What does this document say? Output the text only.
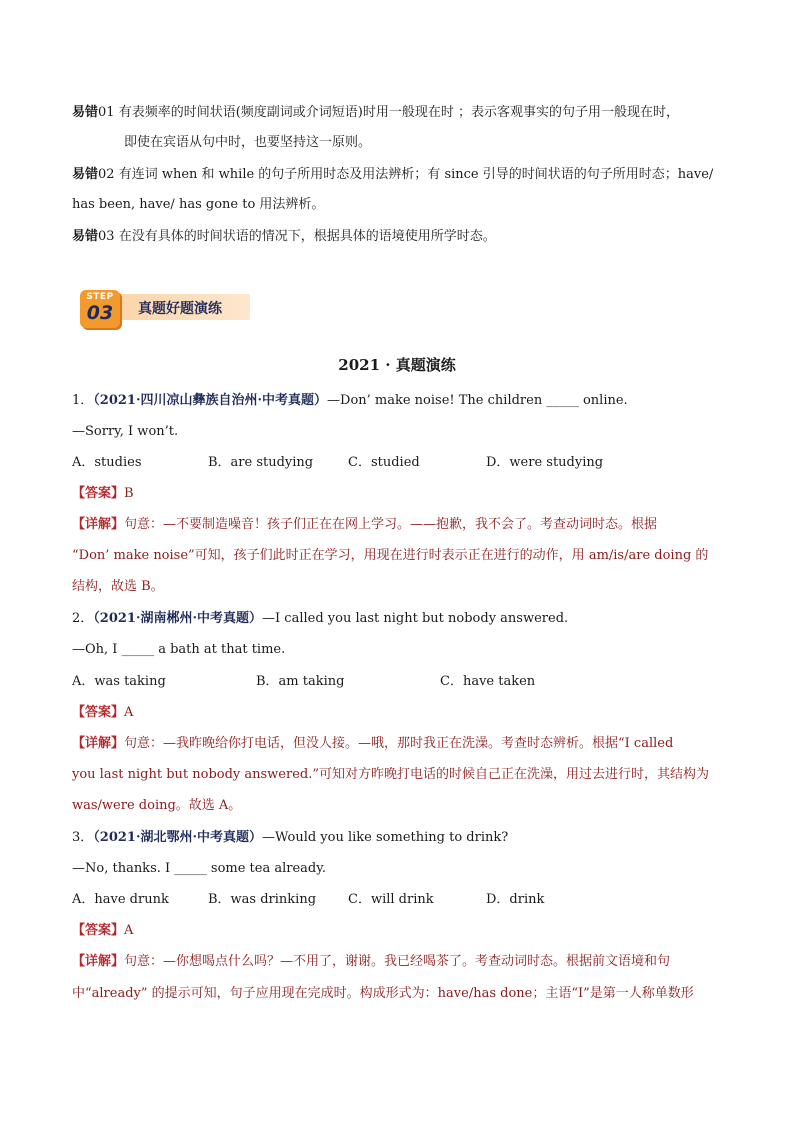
易错01 有表频率的时间状语(频度副词或介词短语)时用一般现在时 ；表示客观事实的句子用一般现在时，
即使在宾语从句中时，也要坚持这一原则。
易错02 有连词 when 和 while 的句子所用时态及用法辨析；有 since 引导的时间状语的句子所用时态；have/
has been, have/ has gone to 用法辨析。
易错03 在没有具体的时间状语的情况下，根据具体的语境使用所学时态。
真题好题演练
STEP
03
2021 · 真题演练
1．（2021·四川凉山彝族自治州·中考真题）—Don’ make noise! The children _____ online.
—Sorry, I won’t.
A．studies	B．are studying	C．studied	D．were studying
【答案】B
【详解】句意：—不要制造噪音！孩子们正在在网上学习。——抱歉，我不会了。考查动词时态。根据
“Don’ make noise”可知，孩子们此时正在学习，用现在进行时表示正在进行的动作，用 am/is/are doing 的
结构，故选 B。
2．（2021·湖南郴州·中考真题）—I called you last night but nobody answered.
—Oh, I _____ a bath at that time.
A．was taking	B．am taking	C．have taken
【答案】A
【详解】句意：—我昨晚给你打电话，但没人接。—哦，那时我正在洗澡。考查时态辨析。根据“I called
you last night but nobody answered.”可知对方昨晚打电话的时候自己正在洗澡，用过去进行时，其结构为
was/were doing。故选 A。
3．（2021·湖北鄂州·中考真题）—Would you like something to drink?
—No, thanks. I _____ some tea already.
A．have drunk	B．was drinking C．will drink	D．drink
【答案】A
【详解】句意：—你想喝点什么吗？—不用了，谢谢。我已经喝茶了。考查动词时态。根据前文语境和句
中“already” 的提示可知，句子应用现在完成时。构成形式为：have/has done；主语“I”是第一人称单数形
